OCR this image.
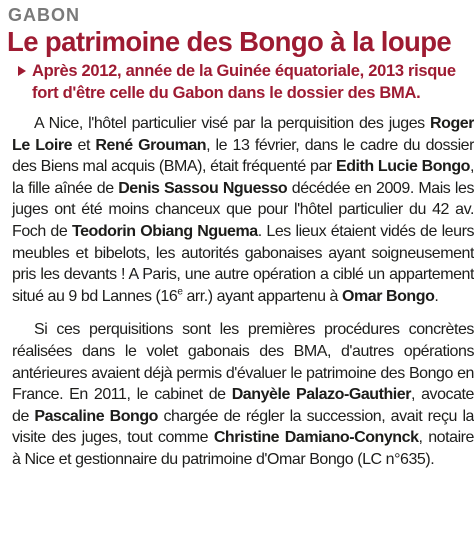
GABON
Le patrimoine des Bongo à la loupe
Après 2012, année de la Guinée équatoriale, 2013 risque fort d'être celle du Gabon dans le dossier des BMA.

A Nice, l'hôtel particulier visé par la perquisition des juges Roger Le Loire et René Grouman, le 13 février, dans le cadre du dossier des Biens mal acquis (BMA), était fréquenté par Edith Lucie Bongo, la fille aînée de Denis Sassou Nguesso décédée en 2009. Mais les juges ont été moins chanceux que pour l'hôtel particulier du 42 av. Foch de Teodorin Obiang Nguema. Les lieux étaient vidés de leurs meubles et bibelots, les autorités gabonaises ayant soigneusement pris les devants ! A Paris, une autre opération a ciblé un appartement situé au 9 bd Lannes (16e arr.) ayant appartenu à Omar Bongo.

Si ces perquisitions sont les premières procédures concrètes réalisées dans le volet gabonais des BMA, d'autres opérations antérieures avaient déjà permis d'évaluer le patrimoine des Bongo en France. En 2011, le cabinet de Danyèle Palazo-Gauthier, avocate de Pascaline Bongo chargée de régler la succession, avait reçu la visite des juges, tout comme Christine Damiano-Conynck, notaire à Nice et gestionnaire du patrimoine d'Omar Bongo (LC n°635).
